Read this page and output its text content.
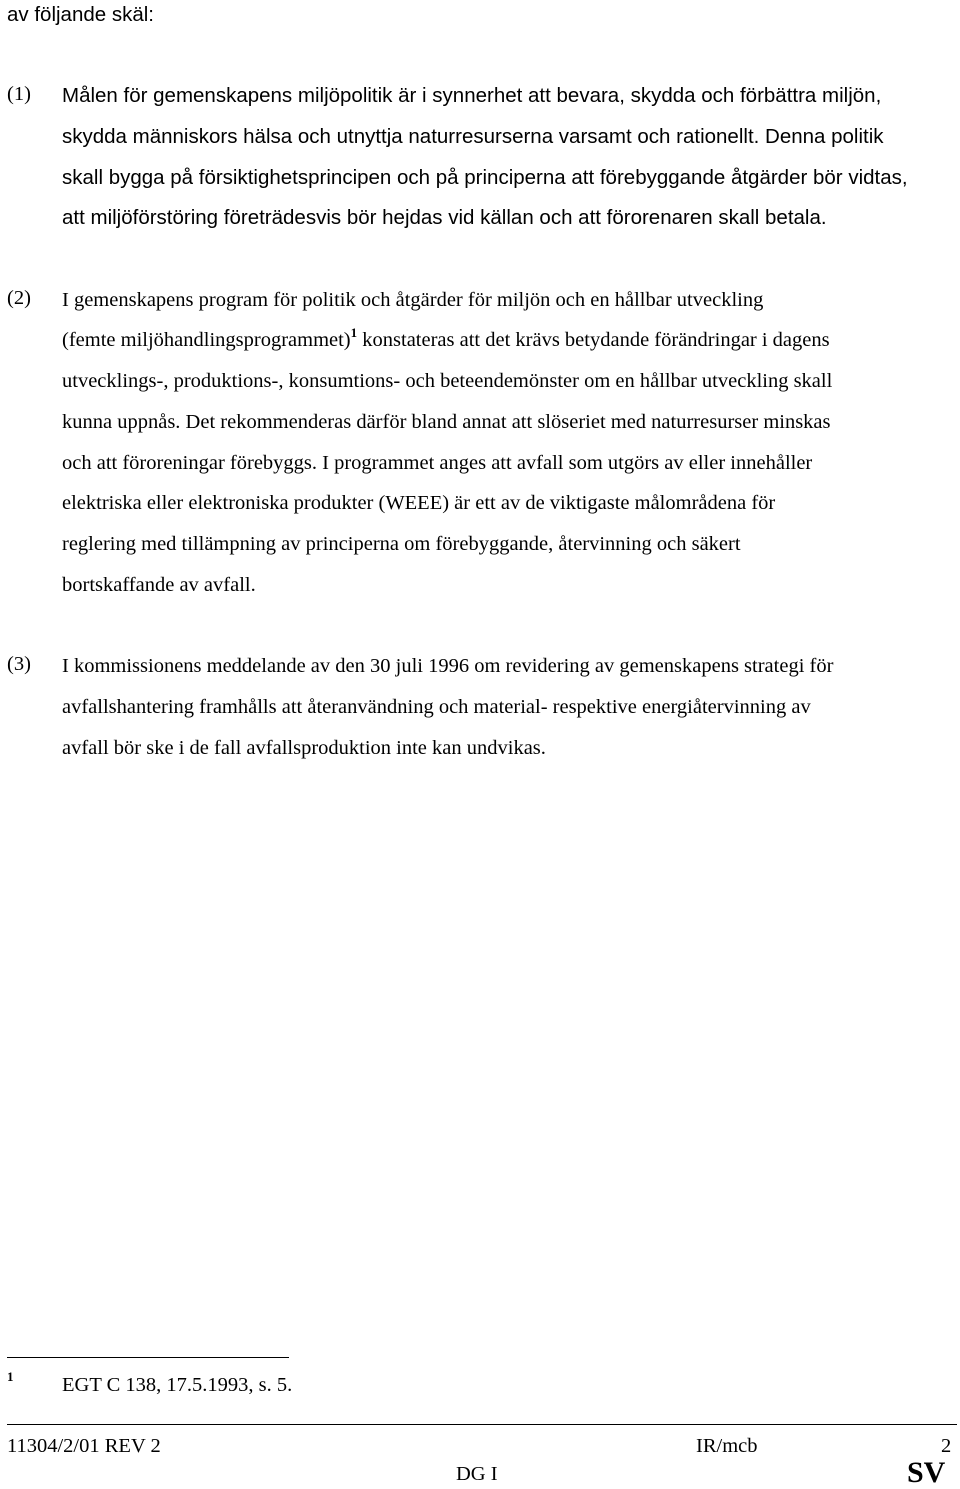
av följande skäl:
(1) Målen för gemenskapens miljöpolitik är i synnerhet att bevara, skydda och förbättra miljön,
skydda människors hälsa och utnyttja naturresurserna varsamt och rationellt. Denna politik
skall bygga på försiktighetsprincipen och på principerna att förebyggande åtgärder bör vidtas,
att miljöförstöring företrädesvis bör hejdas vid källan och att förorenaren skall betala.
(2) I gemenskapens program för politik och åtgärder för miljön och en hållbar utveckling
(femte miljöhandlingsprogrammet)$^1$ konstateras att det krävs betydande förändringar i dagens
utvecklings-, produktions-, konsumtions- och beteendemönster om en hållbar utveckling skall
kunna uppnås. Det rekommenderas därför bland annat att slöseriet med naturresurser minskas
och att föroreningar förebyggs. I programmet anges att avfall som utgörs av eller innehåller
elektriska eller elektroniska produkter (WEEE) är ett av de viktigaste målområdena för
reglering med tillämpning av principerna om förebyggande, återvinning och säkert
bortskaffande av avfall.
(3) I kommissionens meddelande av den 30 juli 1996 om revidering av gemenskapens strategi för
avfallshantering framhålls att återanvändning och material- respektive energiåtervinning av
avfall bör ske i de fall avfallsproduktion inte kan undvikas.
1 EGT C 138, 17.5.1993, s. 5.
11304/2/01 REV 2	IR/mcb	2
DG I	SV
